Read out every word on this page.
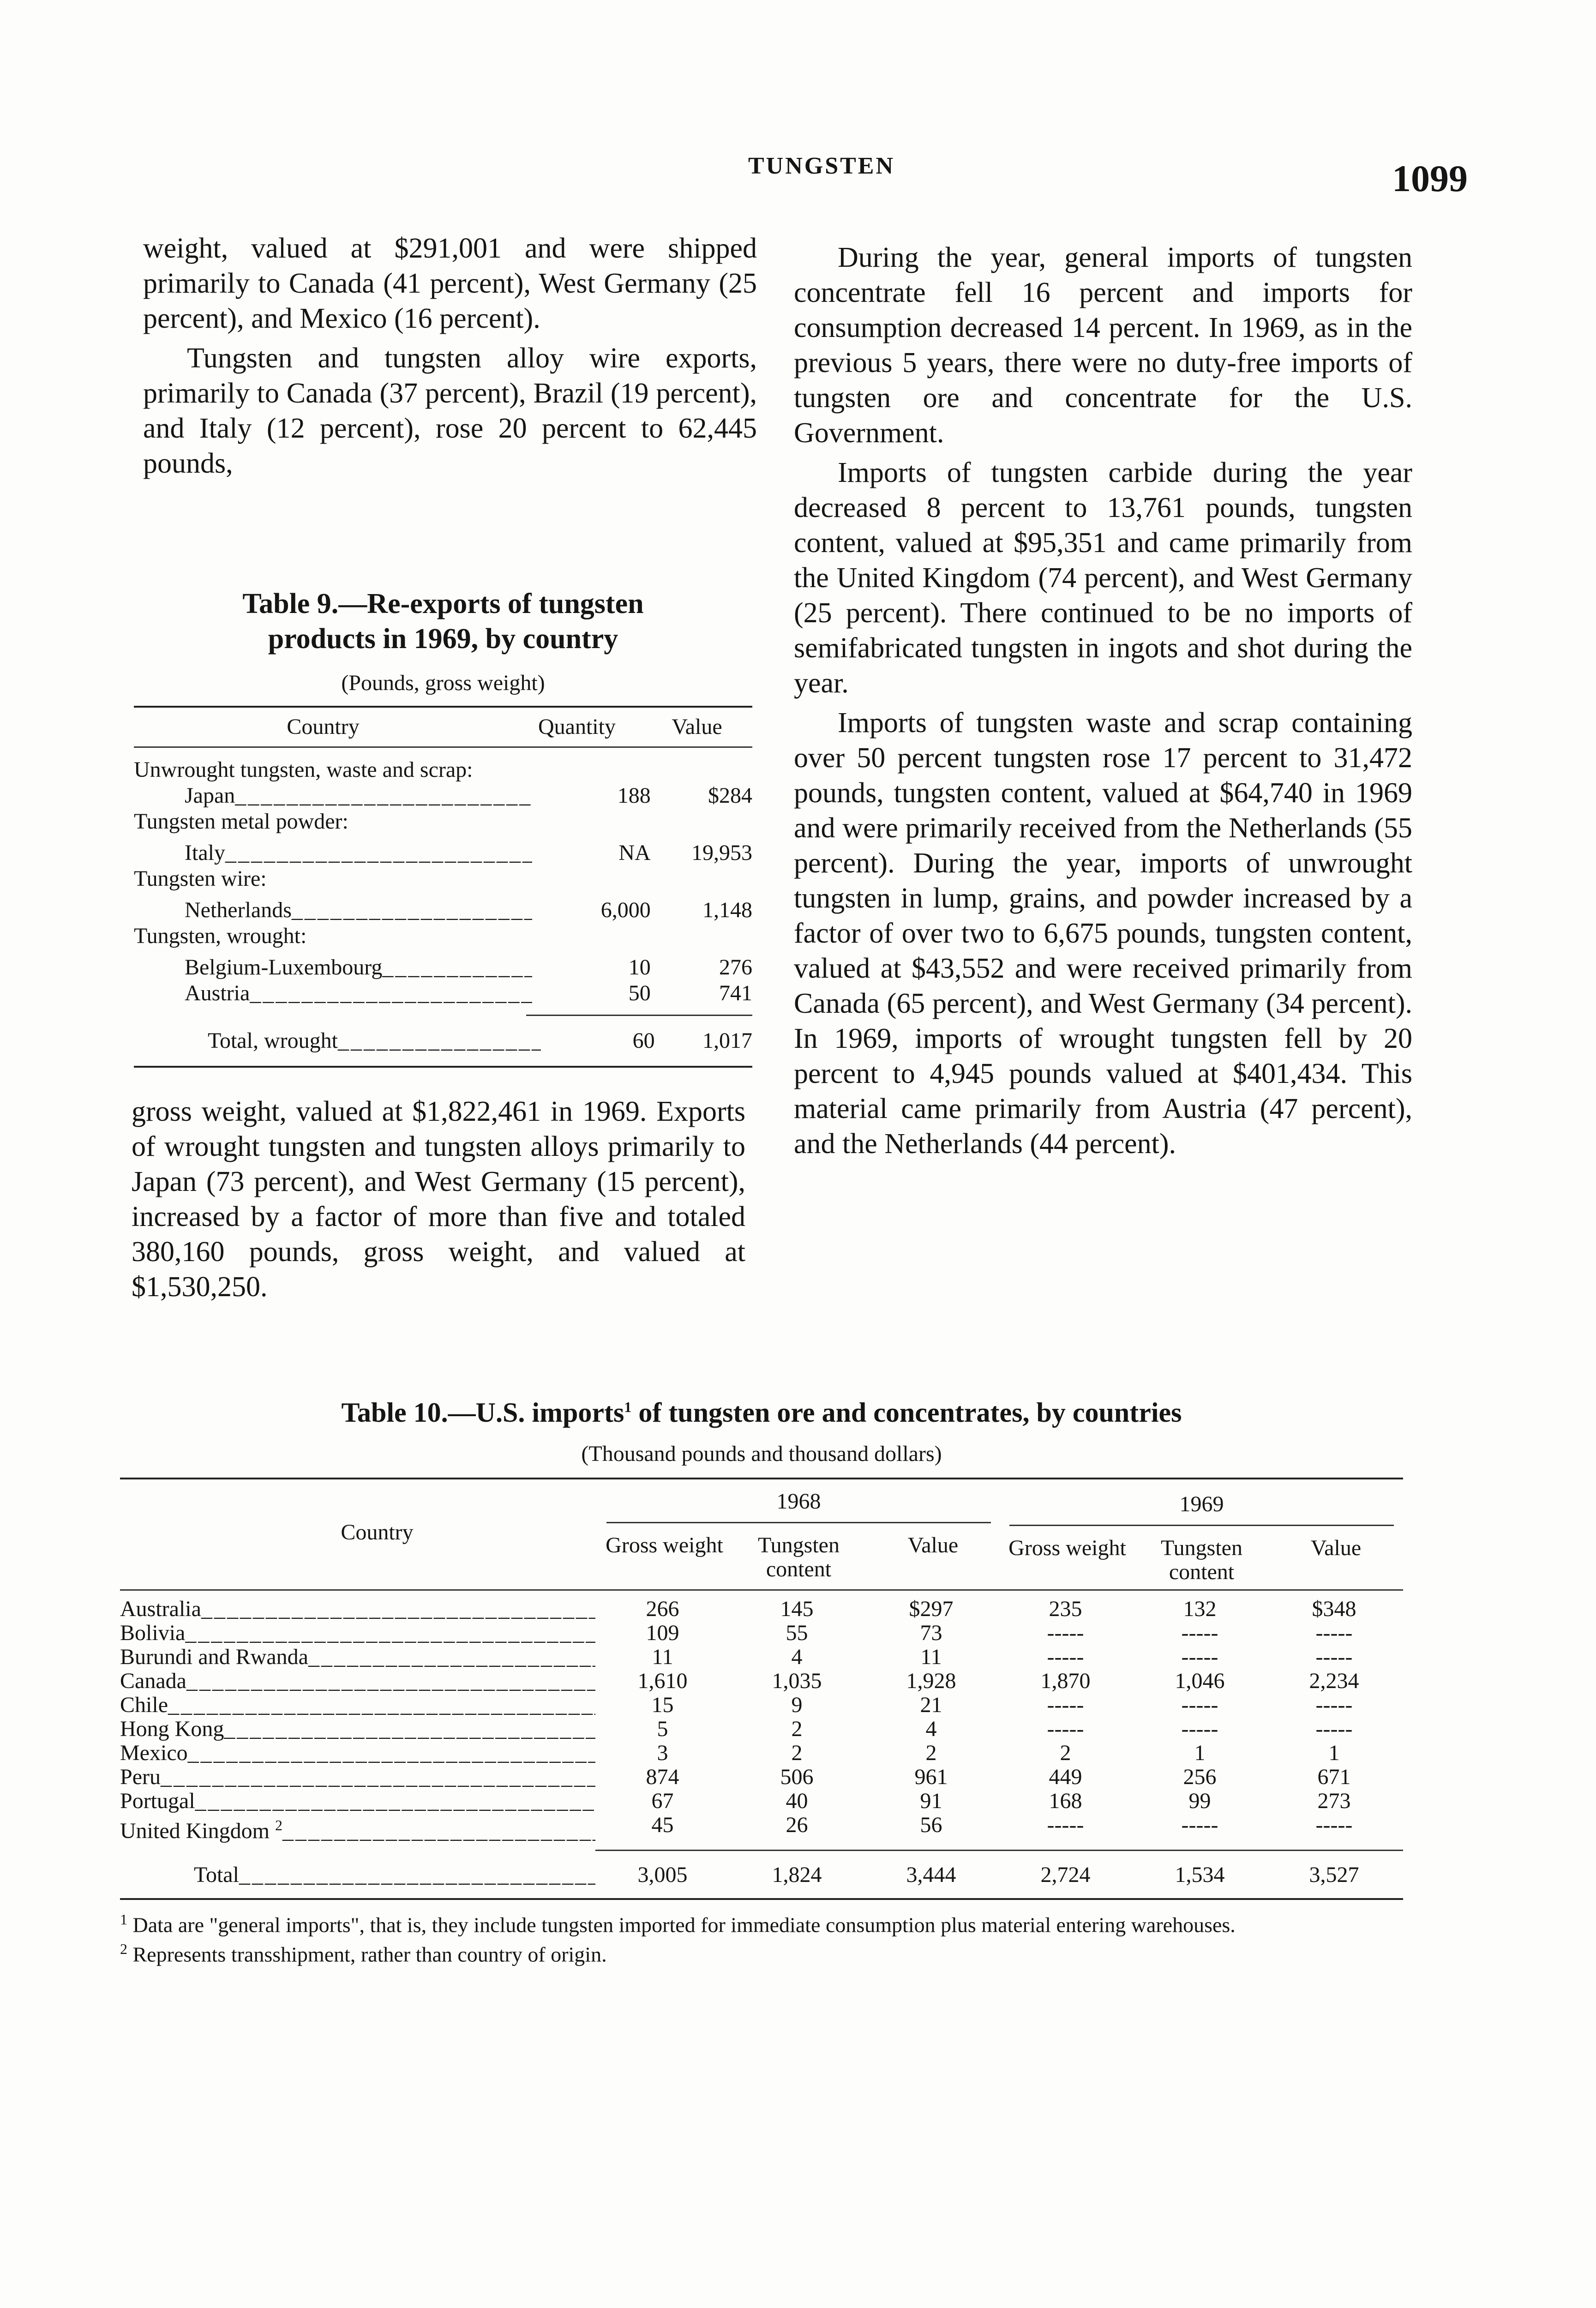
TUNGSTEN	1099

weight, valued at $291,001 and were shipped primarily to Canada (41 percent), West Germany (25 percent), and Mexico (16 percent).

Tungsten and tungsten alloy wire exports, primarily to Canada (37 percent), Brazil (19 percent), and Italy (12 percent), rose 20 percent to 62,445 pounds,

Table 9.—Re-exports of tungsten products in 1969, by country
(Pounds, gross weight)
Country	Quantity	Value
Unwrought tungsten, waste and scrap:
Japan _____	188	$284
Tungsten metal powder:
Italy _____	NA	19,953
Tungsten wire:
Netherlands _____	6,000	1,148
Tungsten, wrought:
Belgium-Luxembourg _____	10	276
Austria _____	50	741
Total, wrought _____	60	1,017

gross weight, valued at $1,822,461 in 1969. Exports of wrought tungsten and tungsten alloys primarily to Japan (73 percent), and West Germany (15 percent), increased by a factor of more than five and totaled 380,160 pounds, gross weight, and valued at $1,530,250.

During the year, general imports of tungsten concentrate fell 16 percent and imports for consumption decreased 14 percent. In 1969, as in the previous 5 years, there were no duty-free imports of tungsten ore and concentrate for the U.S. Government.

Imports of tungsten carbide during the year decreased 8 percent to 13,761 pounds, tungsten content, valued at $95,351 and came primarily from the United Kingdom (74 percent), and West Germany (25 percent). There continued to be no imports of semifabricated tungsten in ingots and shot during the year.

Imports of tungsten waste and scrap containing over 50 percent tungsten rose 17 percent to 31,472 pounds, tungsten content, valued at $64,740 in 1969 and were primarily received from the Netherlands (55 percent). During the year, imports of unwrought tungsten in lump, grains, and powder increased by a factor of over two to 6,675 pounds, tungsten content, valued at $43,552 and were received primarily from Canada (65 percent), and West Germany (34 percent). In 1969, imports of wrought tungsten fell by 20 percent to 4,945 pounds valued at $401,434. This material came primarily from Austria (47 percent), and the Netherlands (44 percent).

Table 10.—U.S. imports$^1$ of tungsten ore and concentrates, by countries
(Thousand pounds and thousand dollars)
Country
1968
Gross weight	Tungsten content
Value
1969
Gross weight	Tungsten content
Value
Australia _____	266	145	$297	235	132	$348
Bolivia _____	109	55	73	-----	-----	-----
Burundi and Rwanda _____	11	4	11	-----	-----	-----
Canada _____	1,610	1,035	1,928	1,870	1,046	2,234
Chile _____	15	9	21	-----	-----	-----
Hong Kong _____	5	2	4	-----	-----	-----
Mexico _____	3	2	2	2	1	1
Peru _____	874	506	961	449	256	671
Portugal _____	67	40	91	168	99	273
United Kingdom $^2$ _____	45	26	56	-----	-----	-----
Total _____	3,005	1,824	3,444	2,724	1,534	3,527
$^1$ Data are "general imports", that is, they include tungsten imported for immediate consumption plus material entering warehouses.
$^2$ Represents transshipment, rather than country of origin.
